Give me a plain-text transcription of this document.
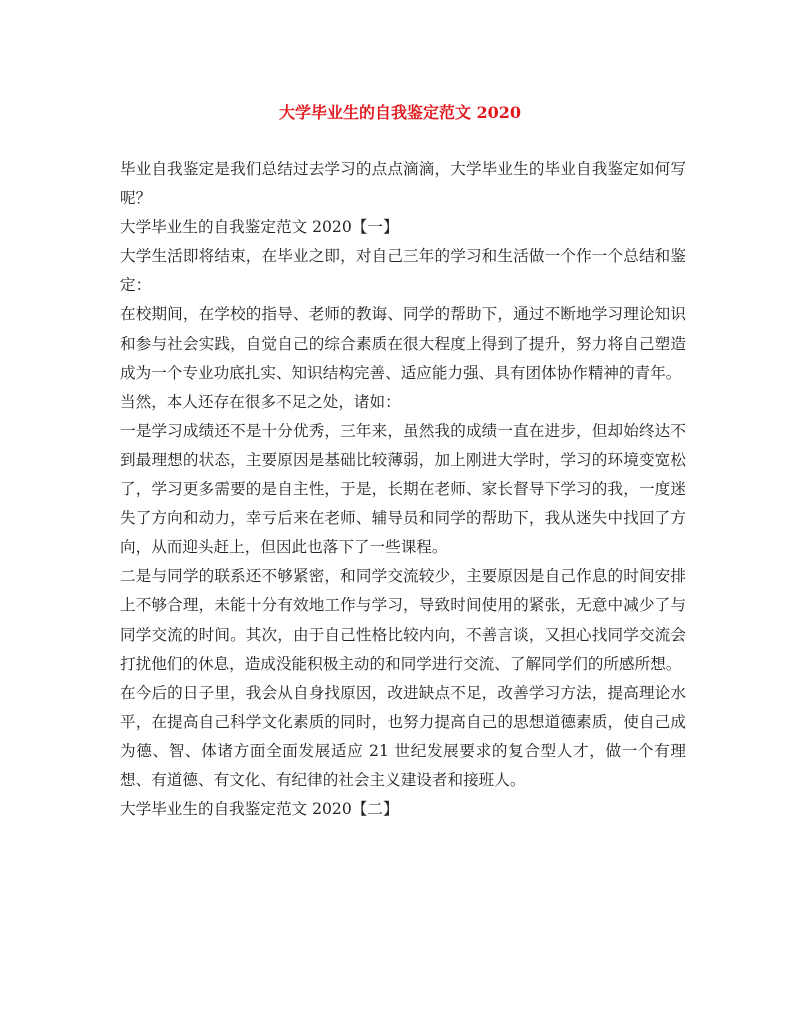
大学毕业生的自我鉴定范文 2020

毕业自我鉴定是我们总结过去学习的点点滴滴，大学毕业生的毕业自我鉴定如何写呢？

大学毕业生的自我鉴定范文 2020【一】

大学生活即将结束，在毕业之即，对自己三年的学习和生活做一个作一个总结和鉴定：

在校期间，在学校的指导、老师的教诲、同学的帮助下，通过不断地学习理论知识和参与社会实践，自觉自己的综合素质在很大程度上得到了提升，努力将自己塑造成为一个专业功底扎实、知识结构完善、适应能力强、具有团体协作精神的青年。

当然，本人还存在很多不足之处，诸如：

一是学习成绩还不是十分优秀，三年来，虽然我的成绩一直在进步，但却始终达不到最理想的状态，主要原因是基础比较薄弱，加上刚进大学时，学习的环境变宽松了，学习更多需要的是自主性，于是，长期在老师、家长督导下学习的我，一度迷失了方向和动力，幸亏后来在老师、辅导员和同学的帮助下，我从迷失中找回了方向，从而迎头赶上，但因此也落下了一些课程。

二是与同学的联系还不够紧密，和同学交流较少，主要原因是自己作息的时间安排上不够合理，未能十分有效地工作与学习，导致时间使用的紧张，无意中减少了与同学交流的时间。其次，由于自己性格比较内向，不善言谈，又担心找同学交流会打扰他们的休息，造成没能积极主动的和同学进行交流、了解同学们的所感所想。

在今后的日子里，我会从自身找原因，改进缺点不足，改善学习方法，提高理论水平，在提高自己科学文化素质的同时，也努力提高自己的思想道德素质，使自己成为德、智、体诸方面全面发展适应 21 世纪发展要求的复合型人才，做一个有理想、有道德、有文化、有纪律的社会主义建设者和接班人。

大学毕业生的自我鉴定范文 2020【二】
